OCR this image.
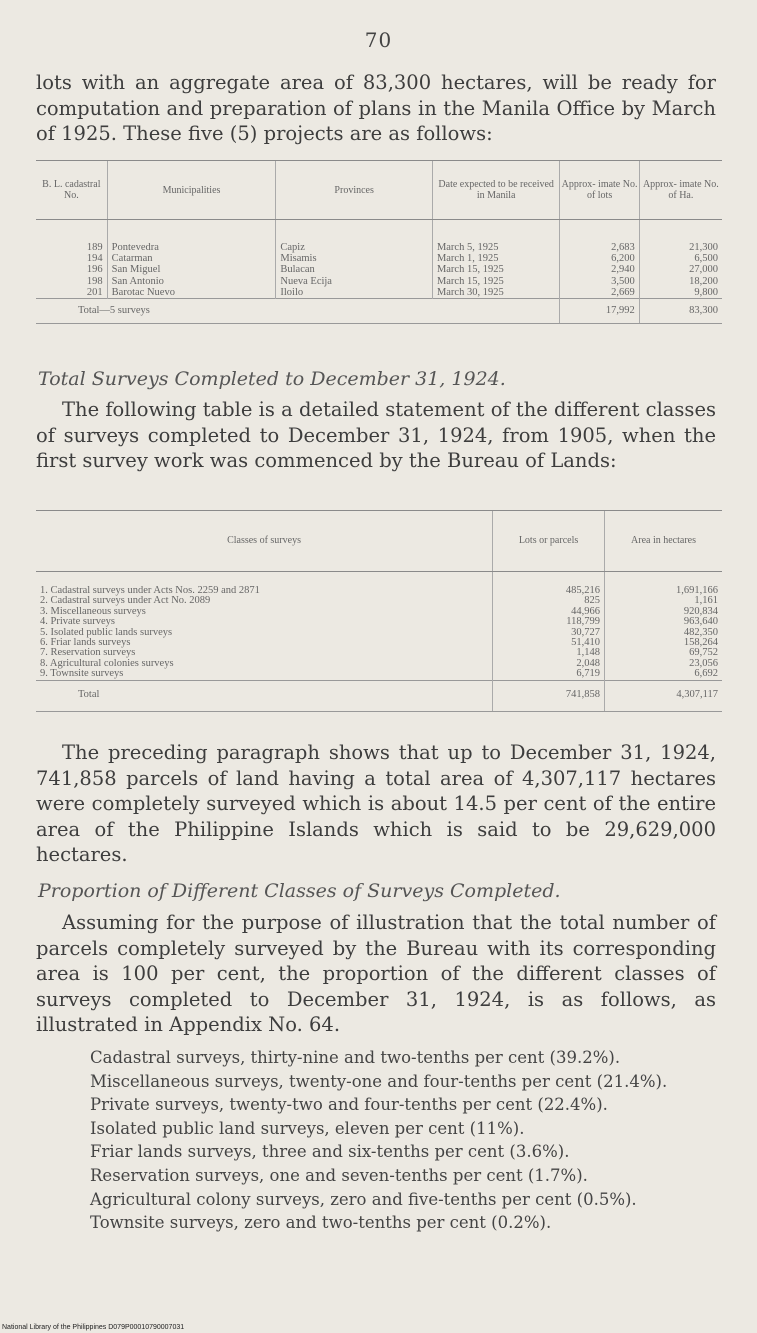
70

lots with an aggregate area of 83,300 hectares, will be ready for computation and preparation of plans in the Manila Office by March of 1925. These five (5) projects are as follows:

B. L. cadastral No.	Municipalities	Provinces	Date expected to be received in Manila	Approx- imate No. of lots	Approx- imate No. of Ha.

189	Pontevedra	Capiz	March 5, 1925	2,683	21,300
194	Catarman	Misamis	March 1, 1925	6,200	6,500
196	San Miguel	Bulacan	March 15, 1925	2,940	27,000
198	San Antonio	Nueva Ecija	March 15, 1925	3,500	18,200
201	Barotac Nuevo	Iloilo	March 30, 1925	2,669	9,800
Total—5 surveys				17,992	83,300
Total Surveys Completed to December 31, 1924.

The following table is a detailed statement of the different classes of surveys completed to December 31, 1924, from 1905, when the first survey work was commenced by the Bureau of Lands:

Classes of surveys	Lots or parcels	Area in hectares

1. Cadastral surveys under Acts Nos. 2259 and 2871	485,216	1,691,166
2. Cadastral surveys under Act No. 2089	825	1,161
3. Miscellaneous surveys	44,966	920,834
4. Private surveys	118,799	963,640
5. Isolated public lands surveys	30,727	482,350
6. Friar lands surveys	51,410	158,264
7. Reservation surveys	1,148	69,752
8. Agricultural colonies surveys	2,048	23,056
9. Townsite surveys	6,719	6,692
Total	741,858	4,307,117

The preceding paragraph shows that up to December 31, 1924, 741,858 parcels of land having a total area of 4,307,117 hectares were completely surveyed which is about 14.5 per cent of the entire area of the Philippine Islands which is said to be 29,629,000 hectares.

Proportion of Different Classes of Surveys Completed.

Assuming for the purpose of illustration that the total number of parcels completely surveyed by the Bureau with its corresponding area is 100 per cent, the proportion of the different classes of surveys completed to December 31, 1924, is as follows, as illustrated in Appendix No. 64.

Cadastral surveys, thirty-nine and two-tenths per cent (39.2%).
Miscellaneous surveys, twenty-one and four-tenths per cent (21.4%).
Private surveys, twenty-two and four-tenths per cent (22.4%).
Isolated public land surveys, eleven per cent (11%).
Friar lands surveys, three and six-tenths per cent (3.6%).
Reservation surveys, one and seven-tenths per cent (1.7%).
Agricultural colony surveys, zero and five-tenths per cent (0.5%).
Townsite surveys, zero and two-tenths per cent (0.2%).
National Library of the Philippines D079P00010790007031
